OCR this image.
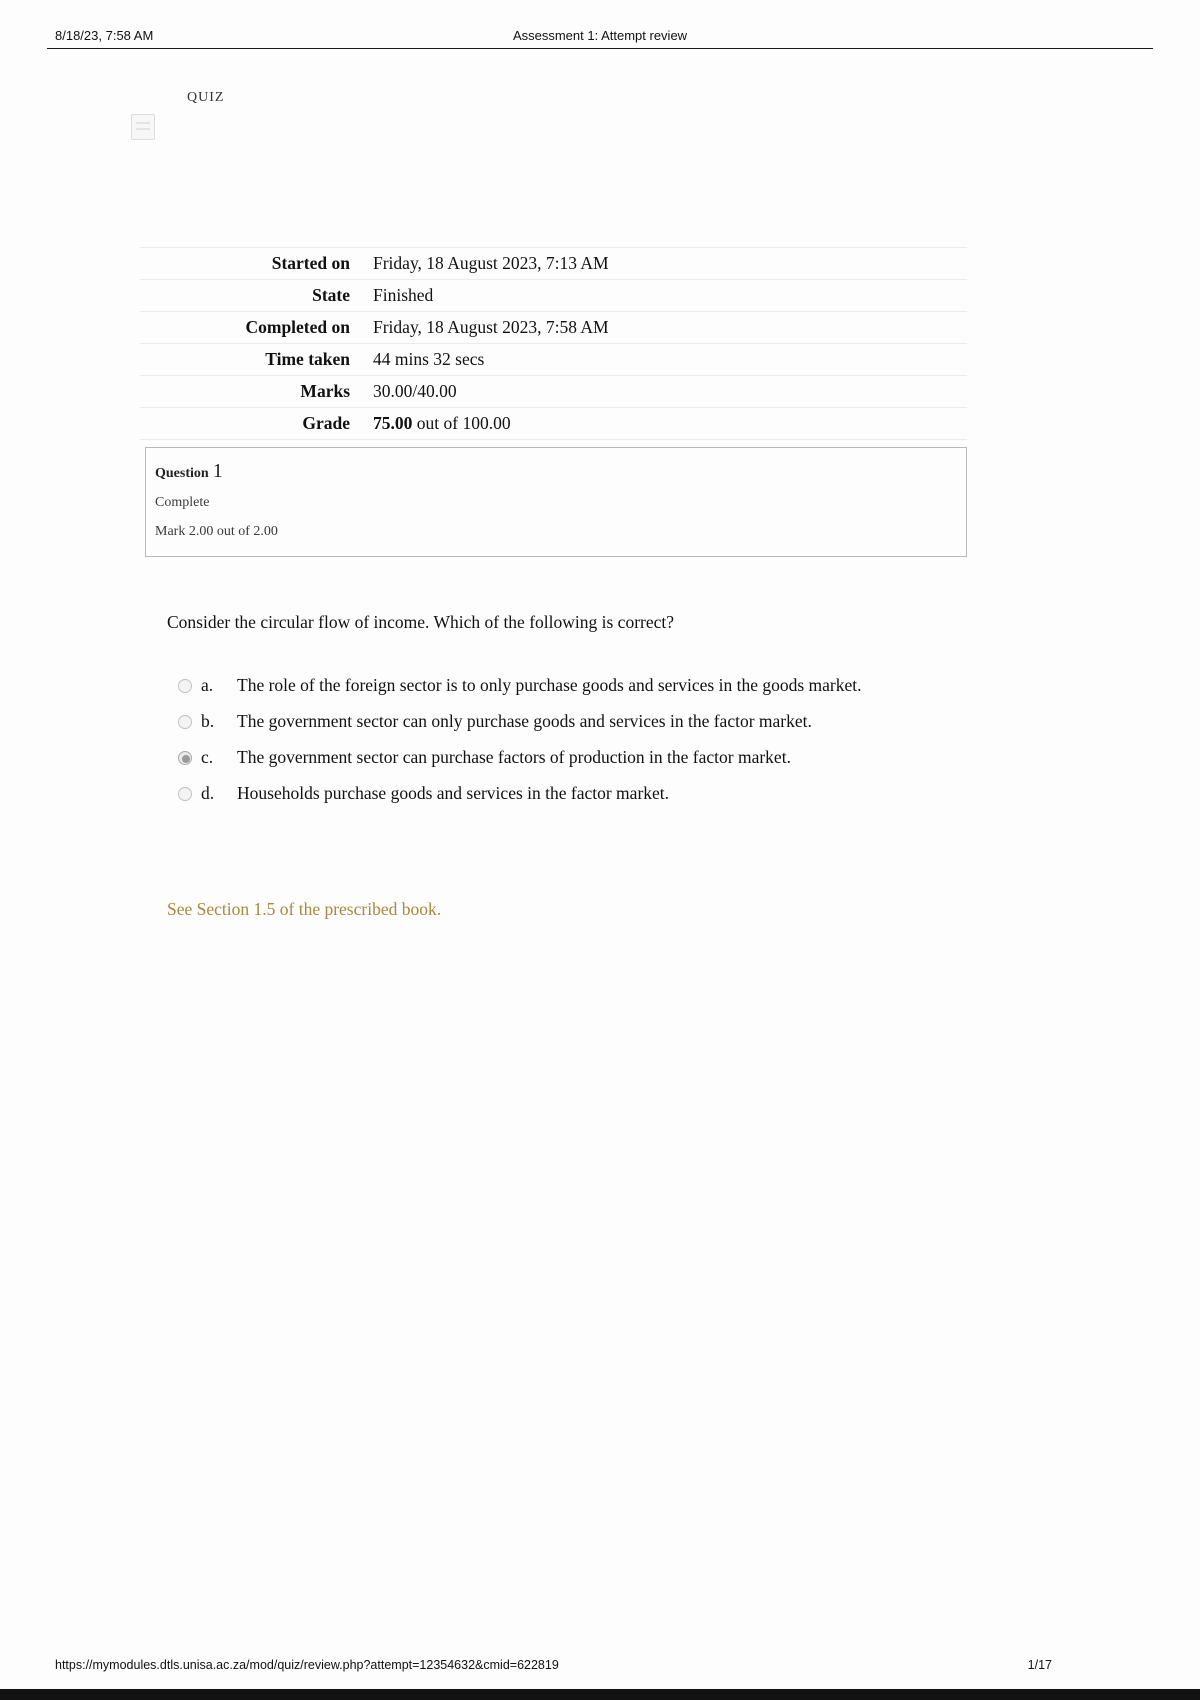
8/18/23, 7:58 AM	Assessment 1: Attempt review
QUIZ
Started on	Friday, 18 August 2023, 7:13 AM
State	Finished
Completed on	Friday, 18 August 2023, 7:58 AM
Time taken	44 mins 32 secs
Marks	30.00/40.00
Grade	75.00 out of 100.00
Question 1
Complete
Mark 2.00 out of 2.00
Consider the circular flow of income. Which of the following is correct?
a.	The role of the foreign sector is to only purchase goods and services in the goods market.
b.	The government sector can only purchase goods and services in the factor market.
c.	The government sector can purchase factors of production in the factor market.
d.	Households purchase goods and services in the factor market.
See Section 1.5 of the prescribed book.
https://mymodules.dtls.unisa.ac.za/mod/quiz/review.php?attempt=12354632&cmid=622819	1/17
